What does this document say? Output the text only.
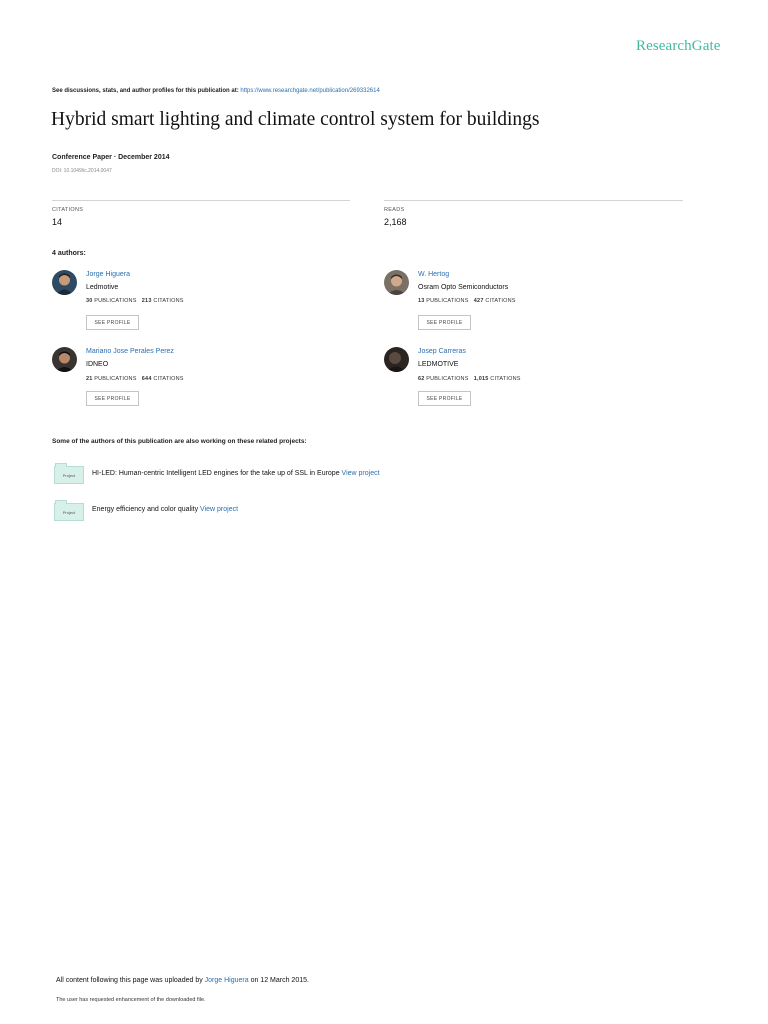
ResearchGate
See discussions, stats, and author profiles for this publication at: https://www.researchgate.net/publication/269332614
Hybrid smart lighting and climate control system for buildings
Conference Paper · December 2014
DOI: 10.1049/ic.2014.0047
CITATIONS
14
READS
2,168
4 authors:
Jorge Higuera
Ledmotive
30 PUBLICATIONS 213 CITATIONS
SEE PROFILE
W. Hertog
Osram Opto Semiconductors
13 PUBLICATIONS 427 CITATIONS
SEE PROFILE
Mariano Jose Perales Perez
IDNEO
21 PUBLICATIONS 644 CITATIONS
SEE PROFILE
Josep Carreras
LEDMOTIVE
62 PUBLICATIONS 1,015 CITATIONS
SEE PROFILE
Some of the authors of this publication are also working on these related projects:
Project	HI-LED: Human-centric Intelligent LED engines for the take up of SSL in Europe View project
Project	Energy efficiency and color quality View project
All content following this page was uploaded by Jorge Higuera on 12 March 2015.
The user has requested enhancement of the downloaded file.
